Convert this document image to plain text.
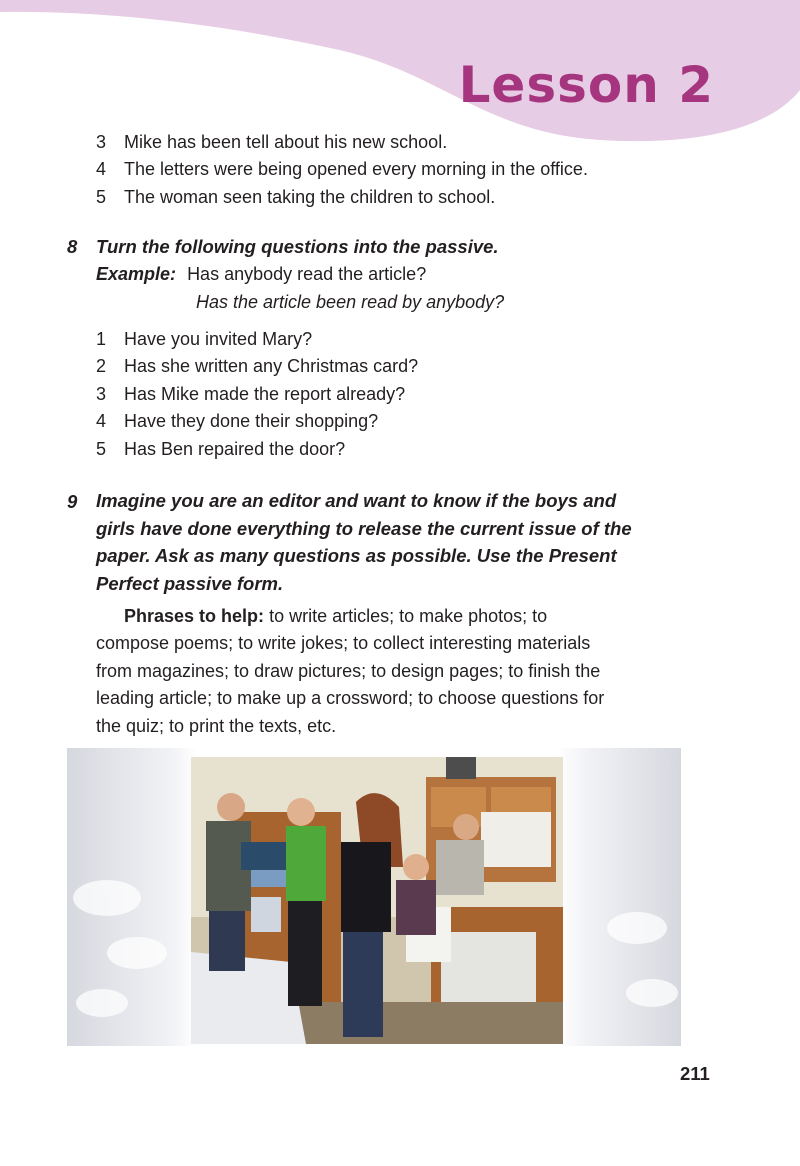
Lesson 2
3 Mike has been tell about his new school.
4 The letters were being opened every morning in the office.
5 The woman seen taking the children to school.
8 Turn the following questions into the passive.
Example: Has anybody read the article?
Has the article been read by anybody?
1 Have you invited Mary?
2 Has she written any Christmas card?
3 Has Mike made the report already?
4 Have they done their shopping?
5 Has Ben repaired the door?
9 Imagine you are an editor and want to know if the boys and
girls have done everything to release the current issue of the
paper. Ask as many questions as possible. Use the Present
Perfect passive form.
Phrases to help: to write articles; to make photos; to
compose poems; to write jokes; to collect interesting materials
from magazines; to draw pictures; to design pages; to finish the
leading article; to make up a crossword; to choose questions for
the quiz; to print the texts, etc.
211
